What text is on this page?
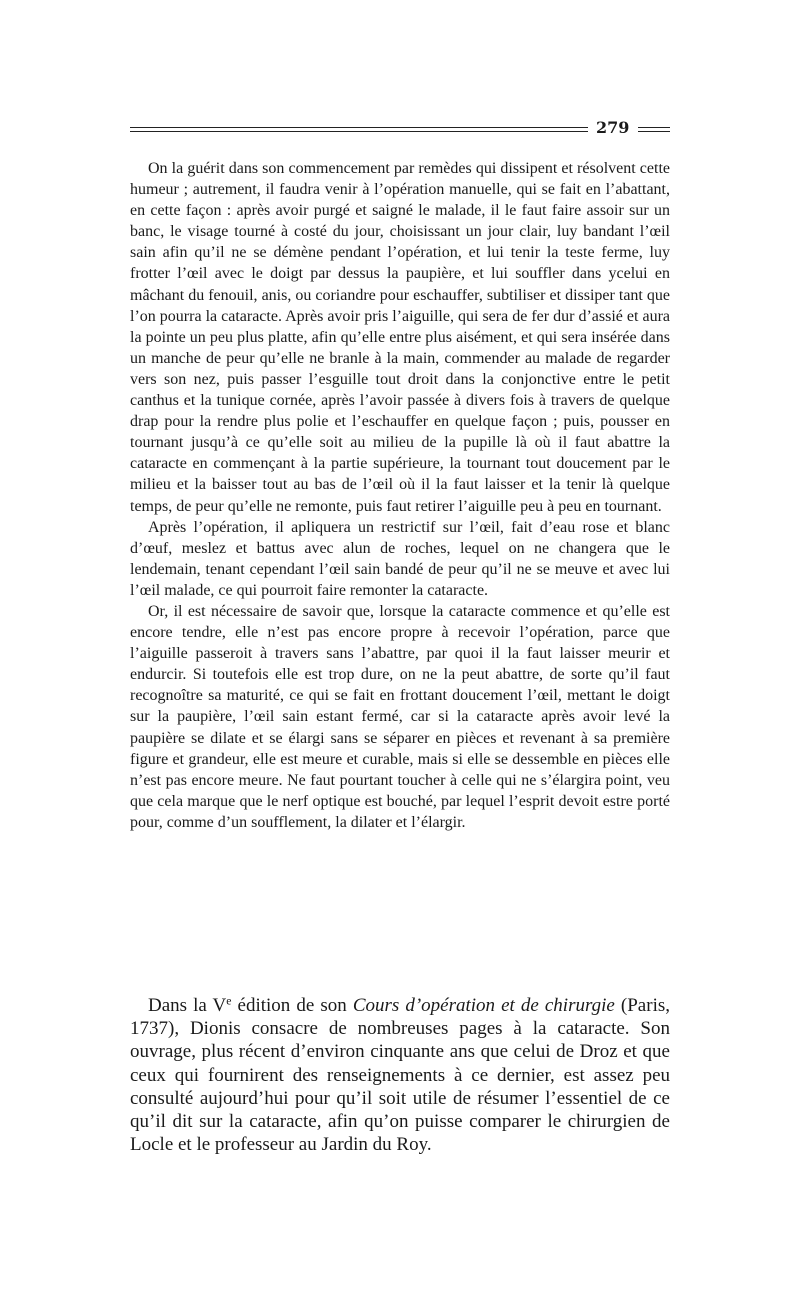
279

On la guérit dans son commencement par remèdes qui dissipent et résolvent cette humeur ; autrement, il faudra venir à l’opération manuelle, qui se fait en l’abattant, en cette façon : après avoir purgé et saigné le malade, il le faut faire assoir sur un banc, le visage tourné à costé du jour, choisissant un jour clair, luy bandant l’œil sain afin qu’il ne se démène pendant l’opération, et lui tenir la teste ferme, luy frotter l’œil avec le doigt par dessus la paupière, et lui souffler dans ycelui en mâchant du fenouil, anis, ou coriandre pour eschauffer, subtiliser et dissiper tant que l’on pourra la cataracte. Après avoir pris l’aiguille, qui sera de fer dur d’assié et aura la pointe un peu plus platte, afin qu’elle entre plus aisément, et qui sera insérée dans un manche de peur qu’elle ne branle à la main, commender au malade de regarder vers son nez, puis passer l’esguille tout droit dans la conjonctive entre le petit canthus et la tunique cornée, après l’avoir passée à divers fois à travers de quelque drap pour la rendre plus polie et l’eschauffer en quelque façon ; puis, pousser en tournant jusqu’à ce qu’elle soit au milieu de la pupille là où il faut abattre la cataracte en commençant à la partie supérieure, la tournant tout doucement par le milieu et la baisser tout au bas de l’œil où il la faut laisser et la tenir là quelque temps, de peur qu’elle ne remonte, puis faut retirer l’aiguille peu à peu en tournant.

Après l’opération, il apliquera un restrictif sur l’œil, fait d’eau rose et blanc d’œuf, meslez et battus avec alun de roches, lequel on ne changera que le lendemain, tenant cependant l’œil sain bandé de peur qu’il ne se meuve et avec lui l’œil malade, ce qui pourroit faire remonter la cataracte.

Or, il est nécessaire de savoir que, lorsque la cataracte commence et qu’elle est encore tendre, elle n’est pas encore propre à recevoir l’opération, parce que l’aiguille passeroit à travers sans l’abattre, par quoi il la faut laisser meurir et endurcir. Si toutefois elle est trop dure, on ne la peut abattre, de sorte qu’il faut recognoître sa maturité, ce qui se fait en frottant doucement l’œil, mettant le doigt sur la paupière, l’œil sain estant fermé, car si la cataracte après avoir levé la paupière se dilate et se élargi sans se séparer en pièces et revenant à sa première figure et grandeur, elle est meure et curable, mais si elle se dessemble en pièces elle n’est pas encore meure. Ne faut pourtant toucher à celle qui ne s’élargira point, veu que cela marque que le nerf optique est bouché, par lequel l’esprit devoit estre porté pour, comme d’un soufflement, la dilater et l’élargir.

Dans la Ve édition de son Cours d’opération et de chirurgie (Paris, 1737), Dionis consacre de nombreuses pages à la cataracte. Son ouvrage, plus récent d’environ cinquante ans que celui de Droz et que ceux qui fournirent des renseignements à ce dernier, est assez peu consulté aujourd’hui pour qu’il soit utile de résumer l’essentiel de ce qu’il dit sur la cataracte, afin qu’on puisse comparer le chirurgien de Locle et le professeur au Jardin du Roy.
